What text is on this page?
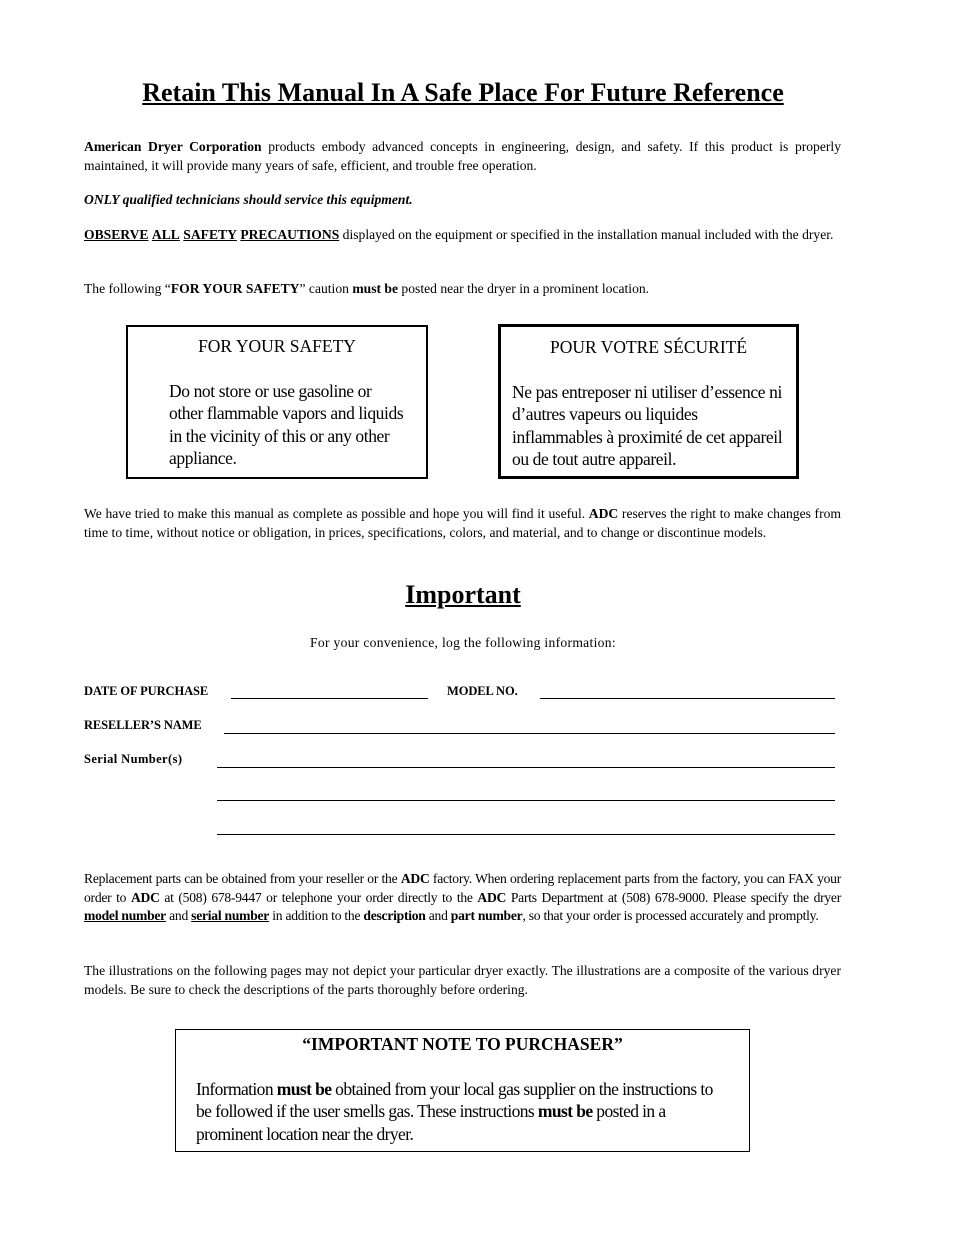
Retain This Manual In A Safe Place For Future Reference
American Dryer Corporation products embody advanced concepts in engineering, design, and safety. If this product is properly maintained, it will provide many years of safe, efficient, and trouble free operation.
ONLY qualified technicians should service this equipment.
OBSERVE ALL SAFETY PRECAUTIONS displayed on the equipment or specified in the installation manual included with the dryer.
The following “FOR YOUR SAFETY” caution must be posted near the dryer in a prominent location.
FOR YOUR SAFETY
Do not store or use gasoline or other flammable vapors and liquids in the vicinity of this or any other appliance.
POUR VOTRE SÉCURITÉ
Ne pas entreposer ni utiliser d’essence ni d’autres vapeurs ou liquides inflammables à proximité de cet appareil ou de tout autre appareil.
We have tried to make this manual as complete as possible and hope you will find it useful. ADC reserves the right to make changes from time to time, without notice or obligation, in prices, specifications, colors, and material, and to change or discontinue models.
Important
For your convenience, log the following information:
DATE OF PURCHASE	MODEL NO.
RESELLER’S NAME
Serial Number(s)
Replacement parts can be obtained from your reseller or the ADC factory. When ordering replacement parts from the factory, you can FAX your order to ADC at (508) 678-9447 or telephone your order directly to the ADC Parts Department at (508) 678-9000. Please specify the dryer model number and serial number in addition to the description and part number, so that your order is processed accurately and promptly.
The illustrations on the following pages may not depict your particular dryer exactly. The illustrations are a composite of the various dryer models. Be sure to check the descriptions of the parts thoroughly before ordering.
“IMPORTANT NOTE TO PURCHASER”
Information must be obtained from your local gas supplier on the instructions to be followed if the user smells gas. These instructions must be posted in a prominent location near the dryer.
